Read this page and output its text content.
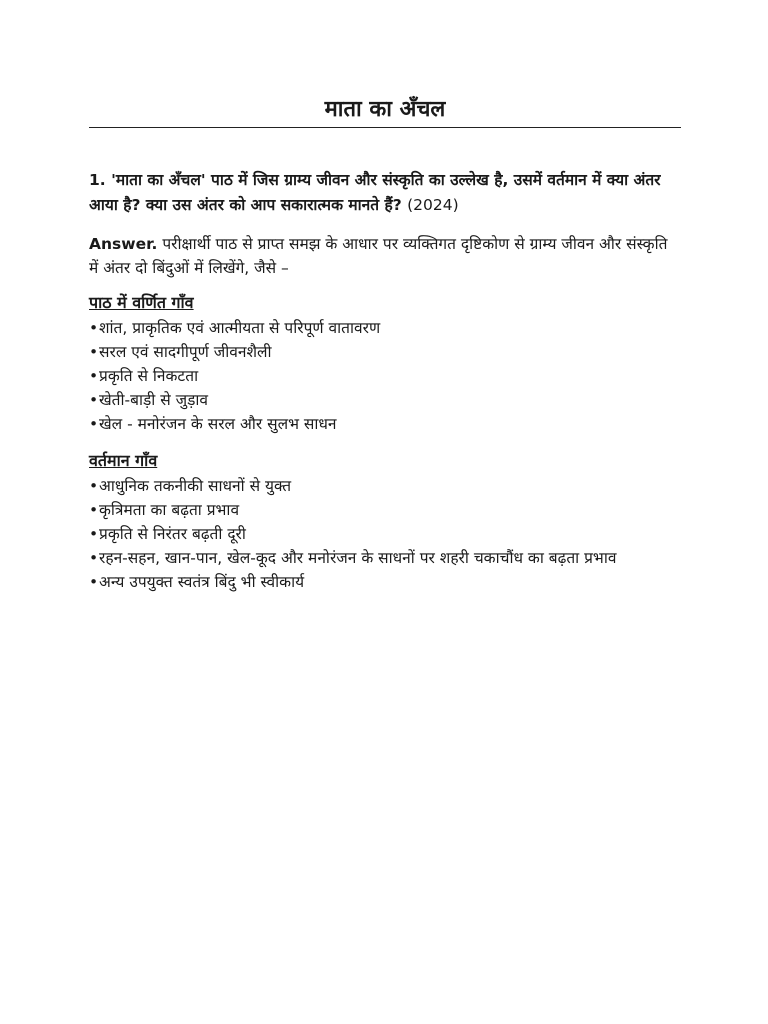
माता का अँचल
1. 'माता का अँचल' पाठ में जिस ग्राम्य जीवन और संस्कृति का उल्लेख है, उसमें वर्तमान में क्या अंतर आया है? क्या उस अंतर को आप सकारात्मक मानते हैं? (2024)
Answer. परीक्षार्थी पाठ से प्राप्त समझ के आधार पर व्यक्तिगत दृष्टिकोण से ग्राम्य जीवन और संस्कृति में अंतर दो बिंदुओं में लिखेंगे, जैसे –
पाठ में वर्णित गाँव
•शांत, प्राकृतिक एवं आत्मीयता से परिपूर्ण वातावरण
•सरल एवं सादगीपूर्ण जीवनशैली
•प्रकृति से निकटता
•खेती-बाड़ी से जुड़ाव
•खेल - मनोरंजन के सरल और सुलभ साधन
वर्तमान गाँव
•आधुनिक तकनीकी साधनों से युक्त
•कृत्रिमता का बढ़ता प्रभाव
•प्रकृति से निरंतर बढ़ती दूरी
•रहन-सहन, खान-पान, खेल-कूद और मनोरंजन के साधनों पर शहरी चकाचौंध का बढ़ता प्रभाव
•अन्य उपयुक्त स्वतंत्र बिंदु भी स्वीकार्य
